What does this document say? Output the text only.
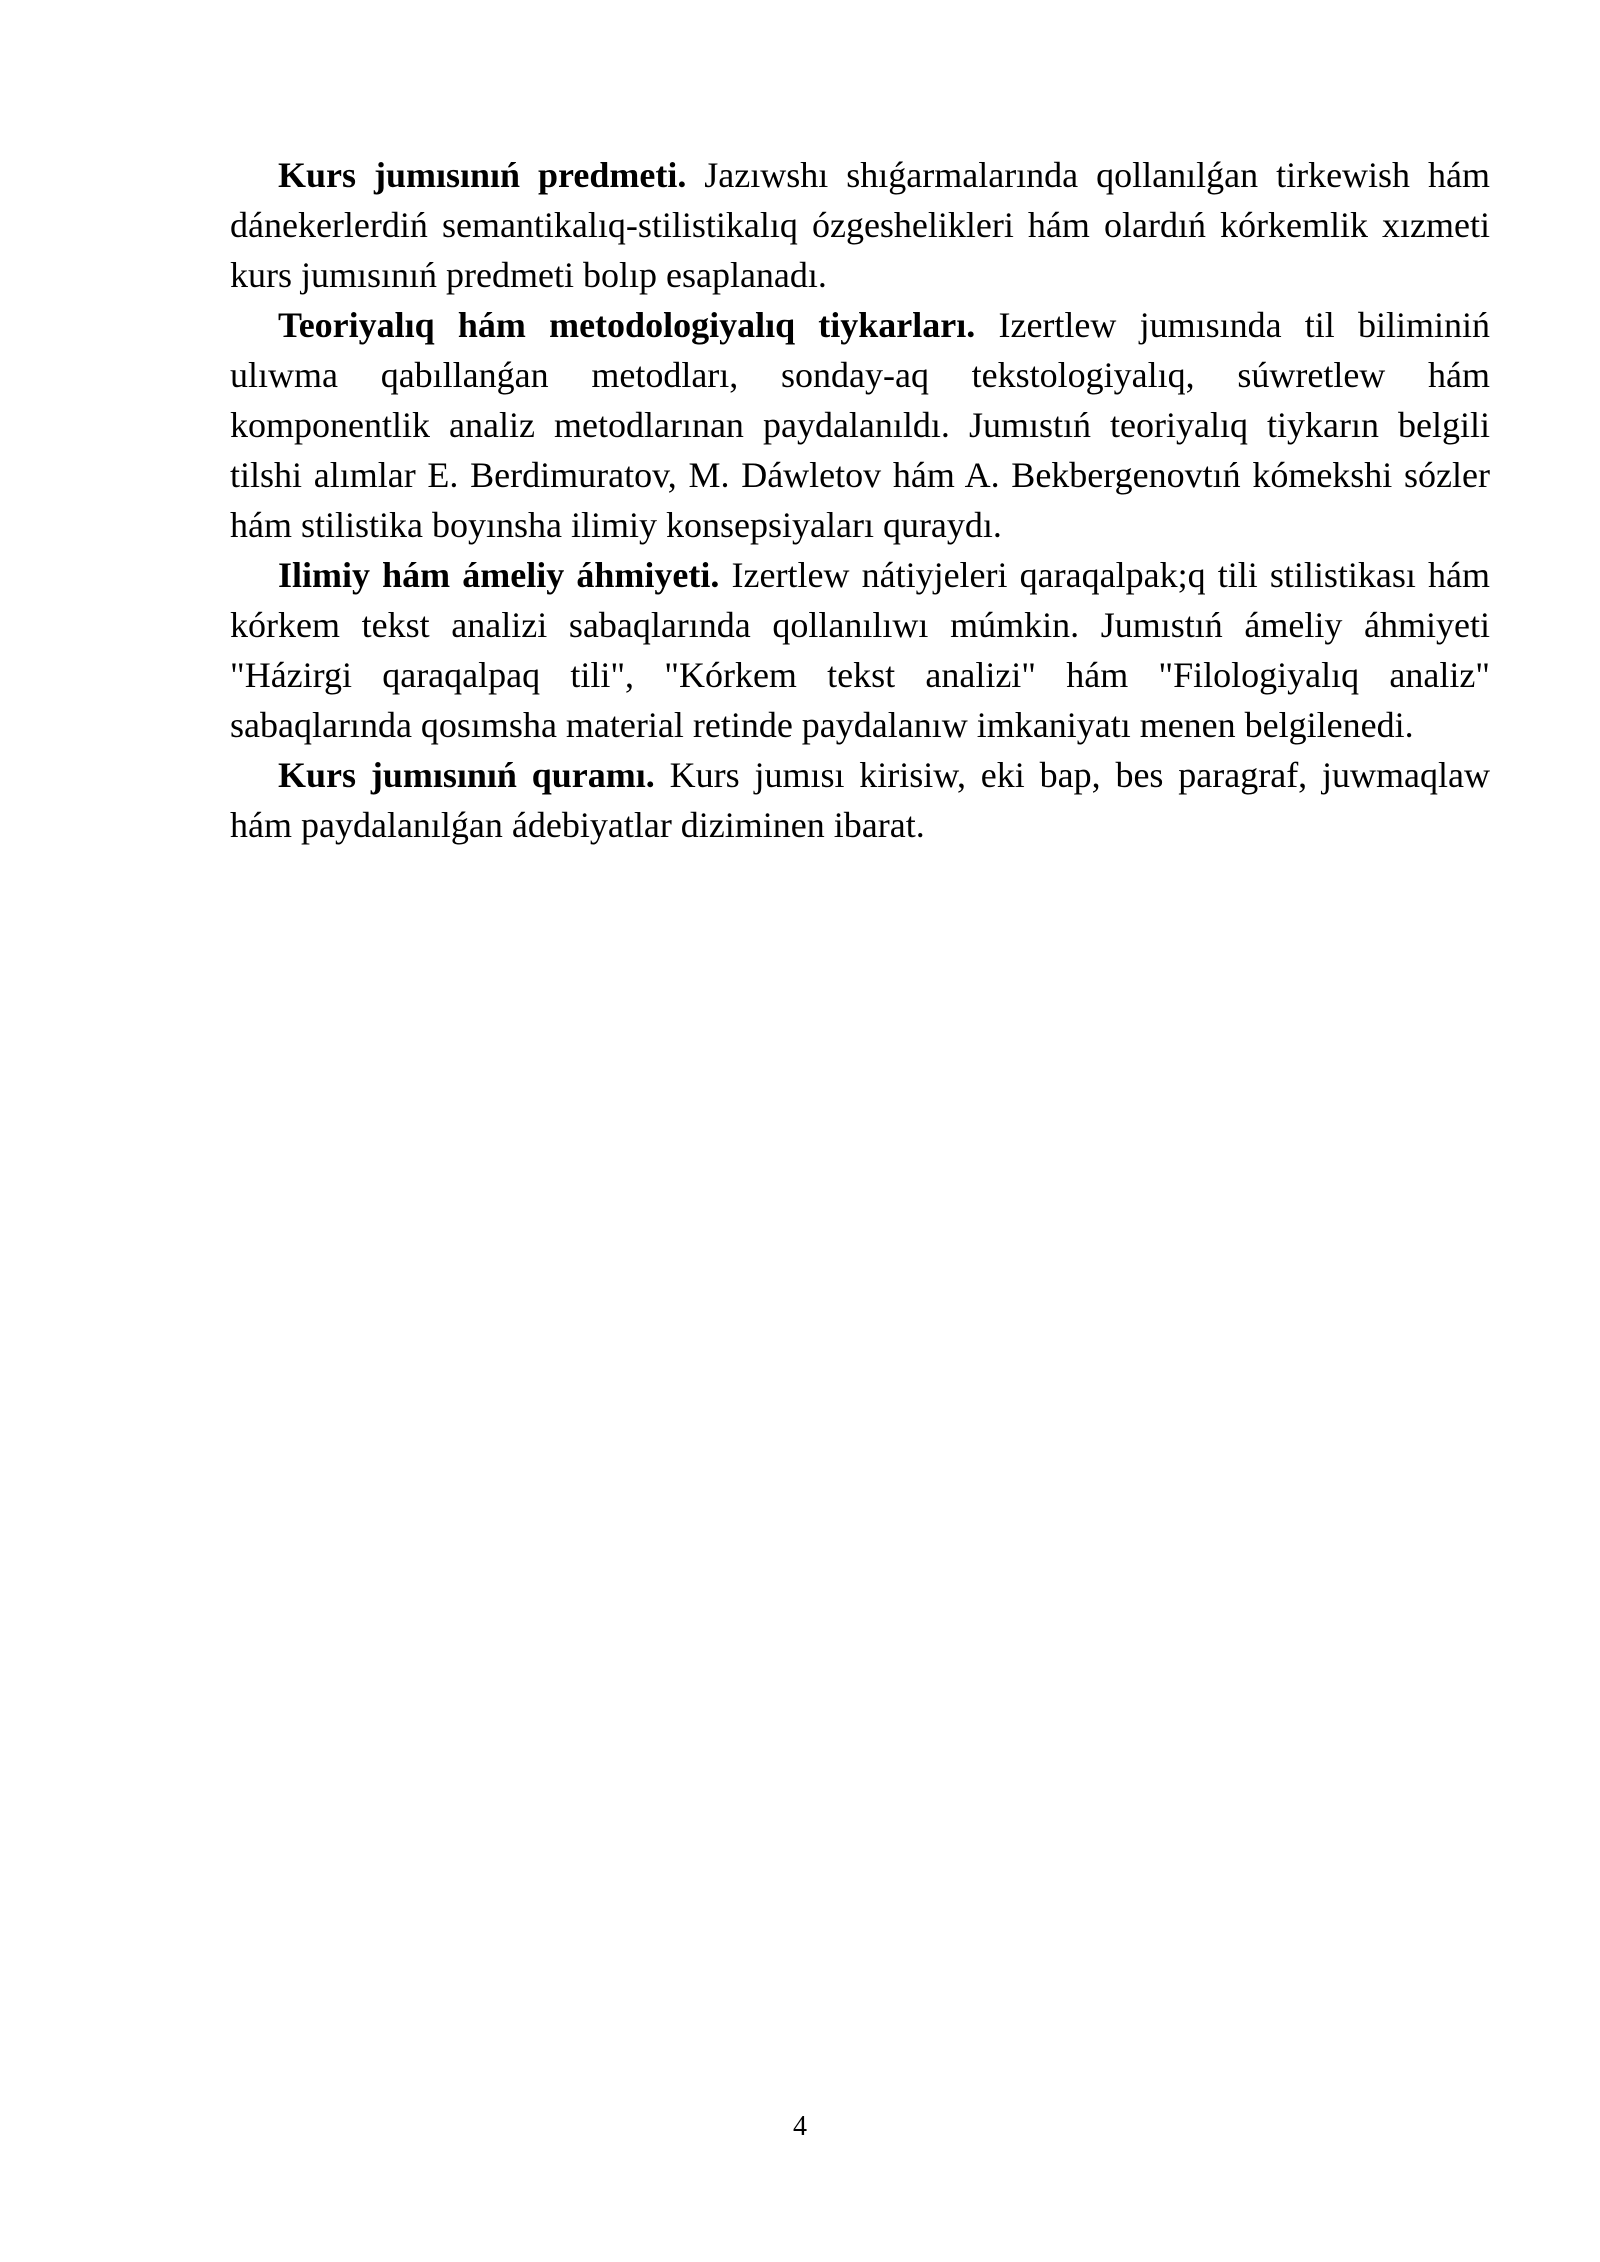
Kurs jumısınıń predmeti. Jazıwshı shıǵarmalarında qollanılǵan tirkewish hám dánekerlerdiń semantikalıq-stilistikalıq ózgeshelikleri hám olardıń kórkemlik xızmeti kurs jumısınıń predmeti bolıp esaplanadı.

Teoriyalıq hám metodologiyalıq tiykarları. Izertlew jumısında til biliminiń ulıwma qabıllanǵan metodları, sonday-aq tekstologiyalıq, súwretlew hám komponentlik analiz metodlarınan paydalanıldı. Jumıstıń teoriyalıq tiykarın belgili tilshi alımlar E. Berdimuratov, M. Dáwletov hám A. Bekbergenovtıń kómekshi sózler hám stilistika boyınsha ilimiy konsepsiyaları quraydı.

Ilimiy hám ámeliy áhmiyeti. Izertlew nátiyjeleri qaraqalpak;q tili stilistikası hám kórkem tekst analizi sabaqlarında qollanılıwı múmkin. Jumıstıń ámeliy áhmiyeti "Házirgi qaraqalpaq tili", "Kórkem tekst analizi" hám "Filologiyalıq analiz" sabaqlarında qosımsha material retinde paydalanıw imkaniyatı menen belgilenedi.

Kurs jumısınıń quramı. Kurs jumısı kirisiw, eki bap, bes paragraf, juwmaqlaw hám paydalanılǵan ádebiyatlar diziminen ibarat.

4
